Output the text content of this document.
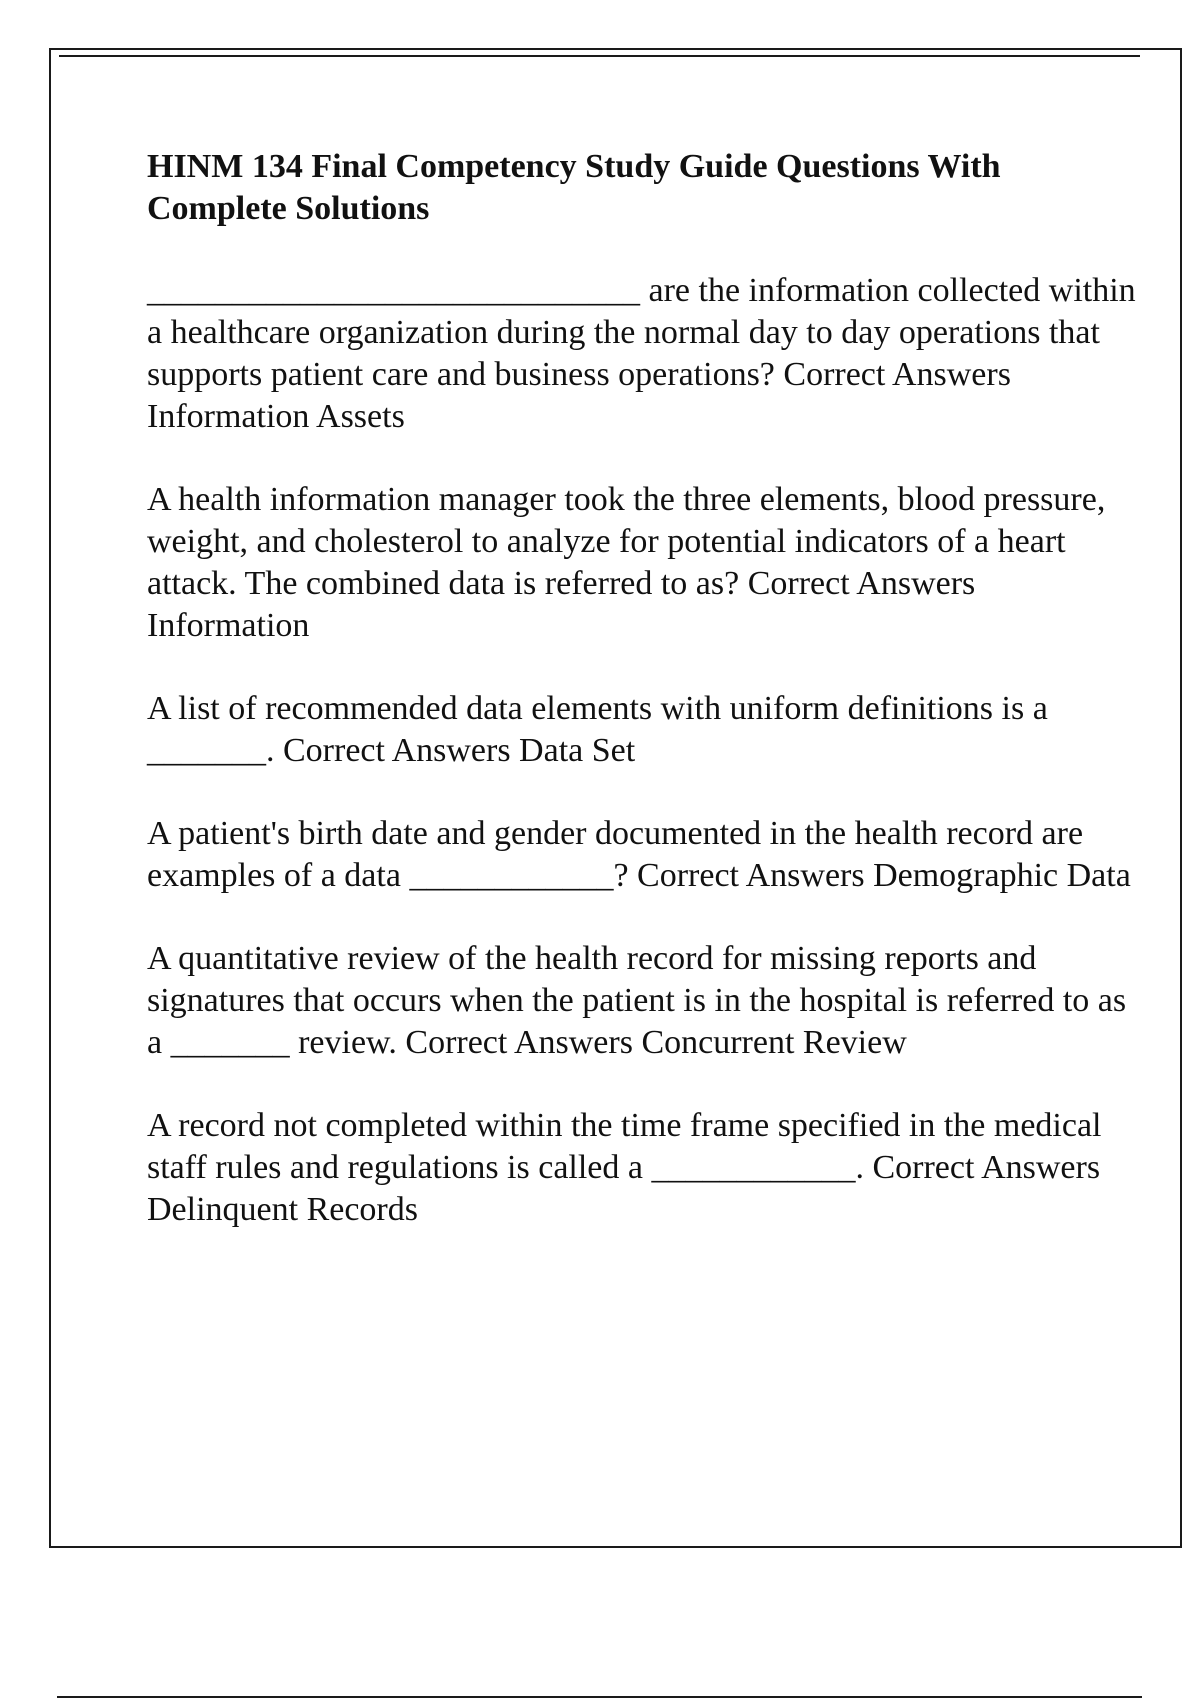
HINM 134 Final Competency Study Guide Questions With Complete Solutions
_____________________________ are the information collected within a healthcare organization during the normal day to day operations that supports patient care and business operations? Correct Answers Information Assets
A health information manager took the three elements, blood pressure, weight, and cholesterol to analyze for potential indicators of a heart attack. The combined data is referred to as? Correct Answers Information
A list of recommended data elements with uniform definitions is a _______. Correct Answers Data Set
A patient's birth date and gender documented in the health record are examples of a data ____________? Correct Answers Demographic Data
A quantitative review of the health record for missing reports and signatures that occurs when the patient is in the hospital is referred to as a _______ review. Correct Answers Concurrent Review
A record not completed within the time frame specified in the medical staff rules and regulations is called a ____________. Correct Answers Delinquent Records
